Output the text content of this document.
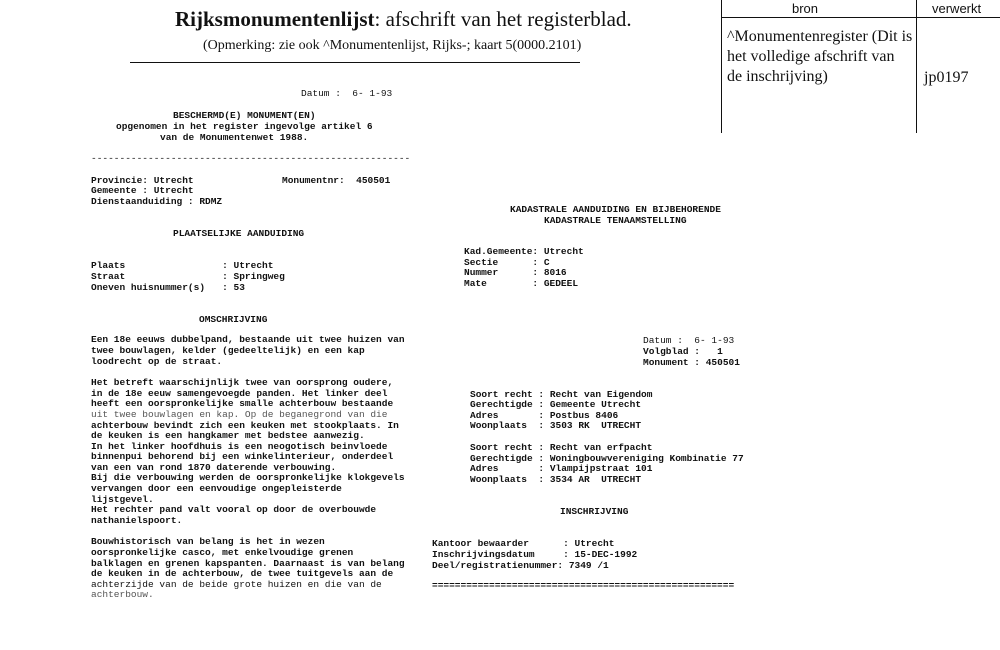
Rijksmonumentenlijst: afschrift van het registerblad.
(Opmerking: zie ook ^Monumentenlijst, Rijks-; kaart 5(0000.2101)
bron	verwerkt
^Monumentenregister (Dit is het volledige afschrift van de inschrijving)	jp0197
Datum :  6- 1-93
BESCHERMD(E) MONUMENT(EN)
opgenomen in het register ingevolge artikel 6
van de Monumentenwet 1988.
--------------------------------------------------------
Provincie: Utrecht	Monumentnr:  450501
Gemeente : Utrecht
Dienstaanduiding : RDMZ
PLAATSELIJKE AANDUIDING
Plaats                 : Utrecht
Straat                 : Springweg
Oneven huisnummer(s)   : 53
OMSCHRIJVING
Een 18e eeuws dubbelpand, bestaande uit twee huizen van
twee bouwlagen, kelder (gedeeltelijk) en een kap
loodrecht op de straat.
Het betreft waarschijnlijk twee van oorsprong oudere,
in de 18e eeuw samengevoegde panden. Het linker deel
heeft een oorspronkelijke smalle achterbouw bestaande
uit twee bouwlagen en kap. Op de beganegrond van die
achterbouw bevindt zich een keuken met stookplaats. In
de keuken is een hangkamer met bedstee aanwezig.
In het linker hoofdhuis is een neogotisch beinvloede
binnenpui behorend bij een winkelinterieur, onderdeel
van een van rond 1870 daterende verbouwing.
Bij die verbouwing werden de oorspronkelijke klokgevels
vervangen door een eenvoudige ongepleisterde
lijstgevel.
Het rechter pand valt vooral op door de overbouwde
nathanielspoort.
Bouwhistorisch van belang is het in wezen
oorspronkelijke casco, met enkelvoudige grenen
balklagen en grenen kapspanten. Daarnaast is van belang
de keuken in de achterbouw, de twee tuitgevels aan de
achterzijde van de beide grote huizen en die van de
achterbouw.
KADASTRALE AANDUIDING EN BIJBEHORENDE
KADASTRALE TENAAMSTELLING
Kad.Gemeente: Utrecht
Sectie      : C
Nummer      : 8016
Mate        : GEDEEL
Datum :  6- 1-93
Volgblad :   1
Monument : 450501
Soort recht : Recht van Eigendom
Gerechtigde : Gemeente Utrecht
Adres       : Postbus 8406
Woonplaats  : 3503 RK  UTRECHT
Soort recht : Recht van erfpacht
Gerechtigde : Woningbouwvereniging Kombinatie 77
Adres       : Vlampijpstraat 101
Woonplaats  : 3534 AR  UTRECHT
INSCHRIJVING
Kantoor bewaarder      : Utrecht
Inschrijvingsdatum     : 15-DEC-1992
Deel/registratienummer: 7349 /1
=====================================================
